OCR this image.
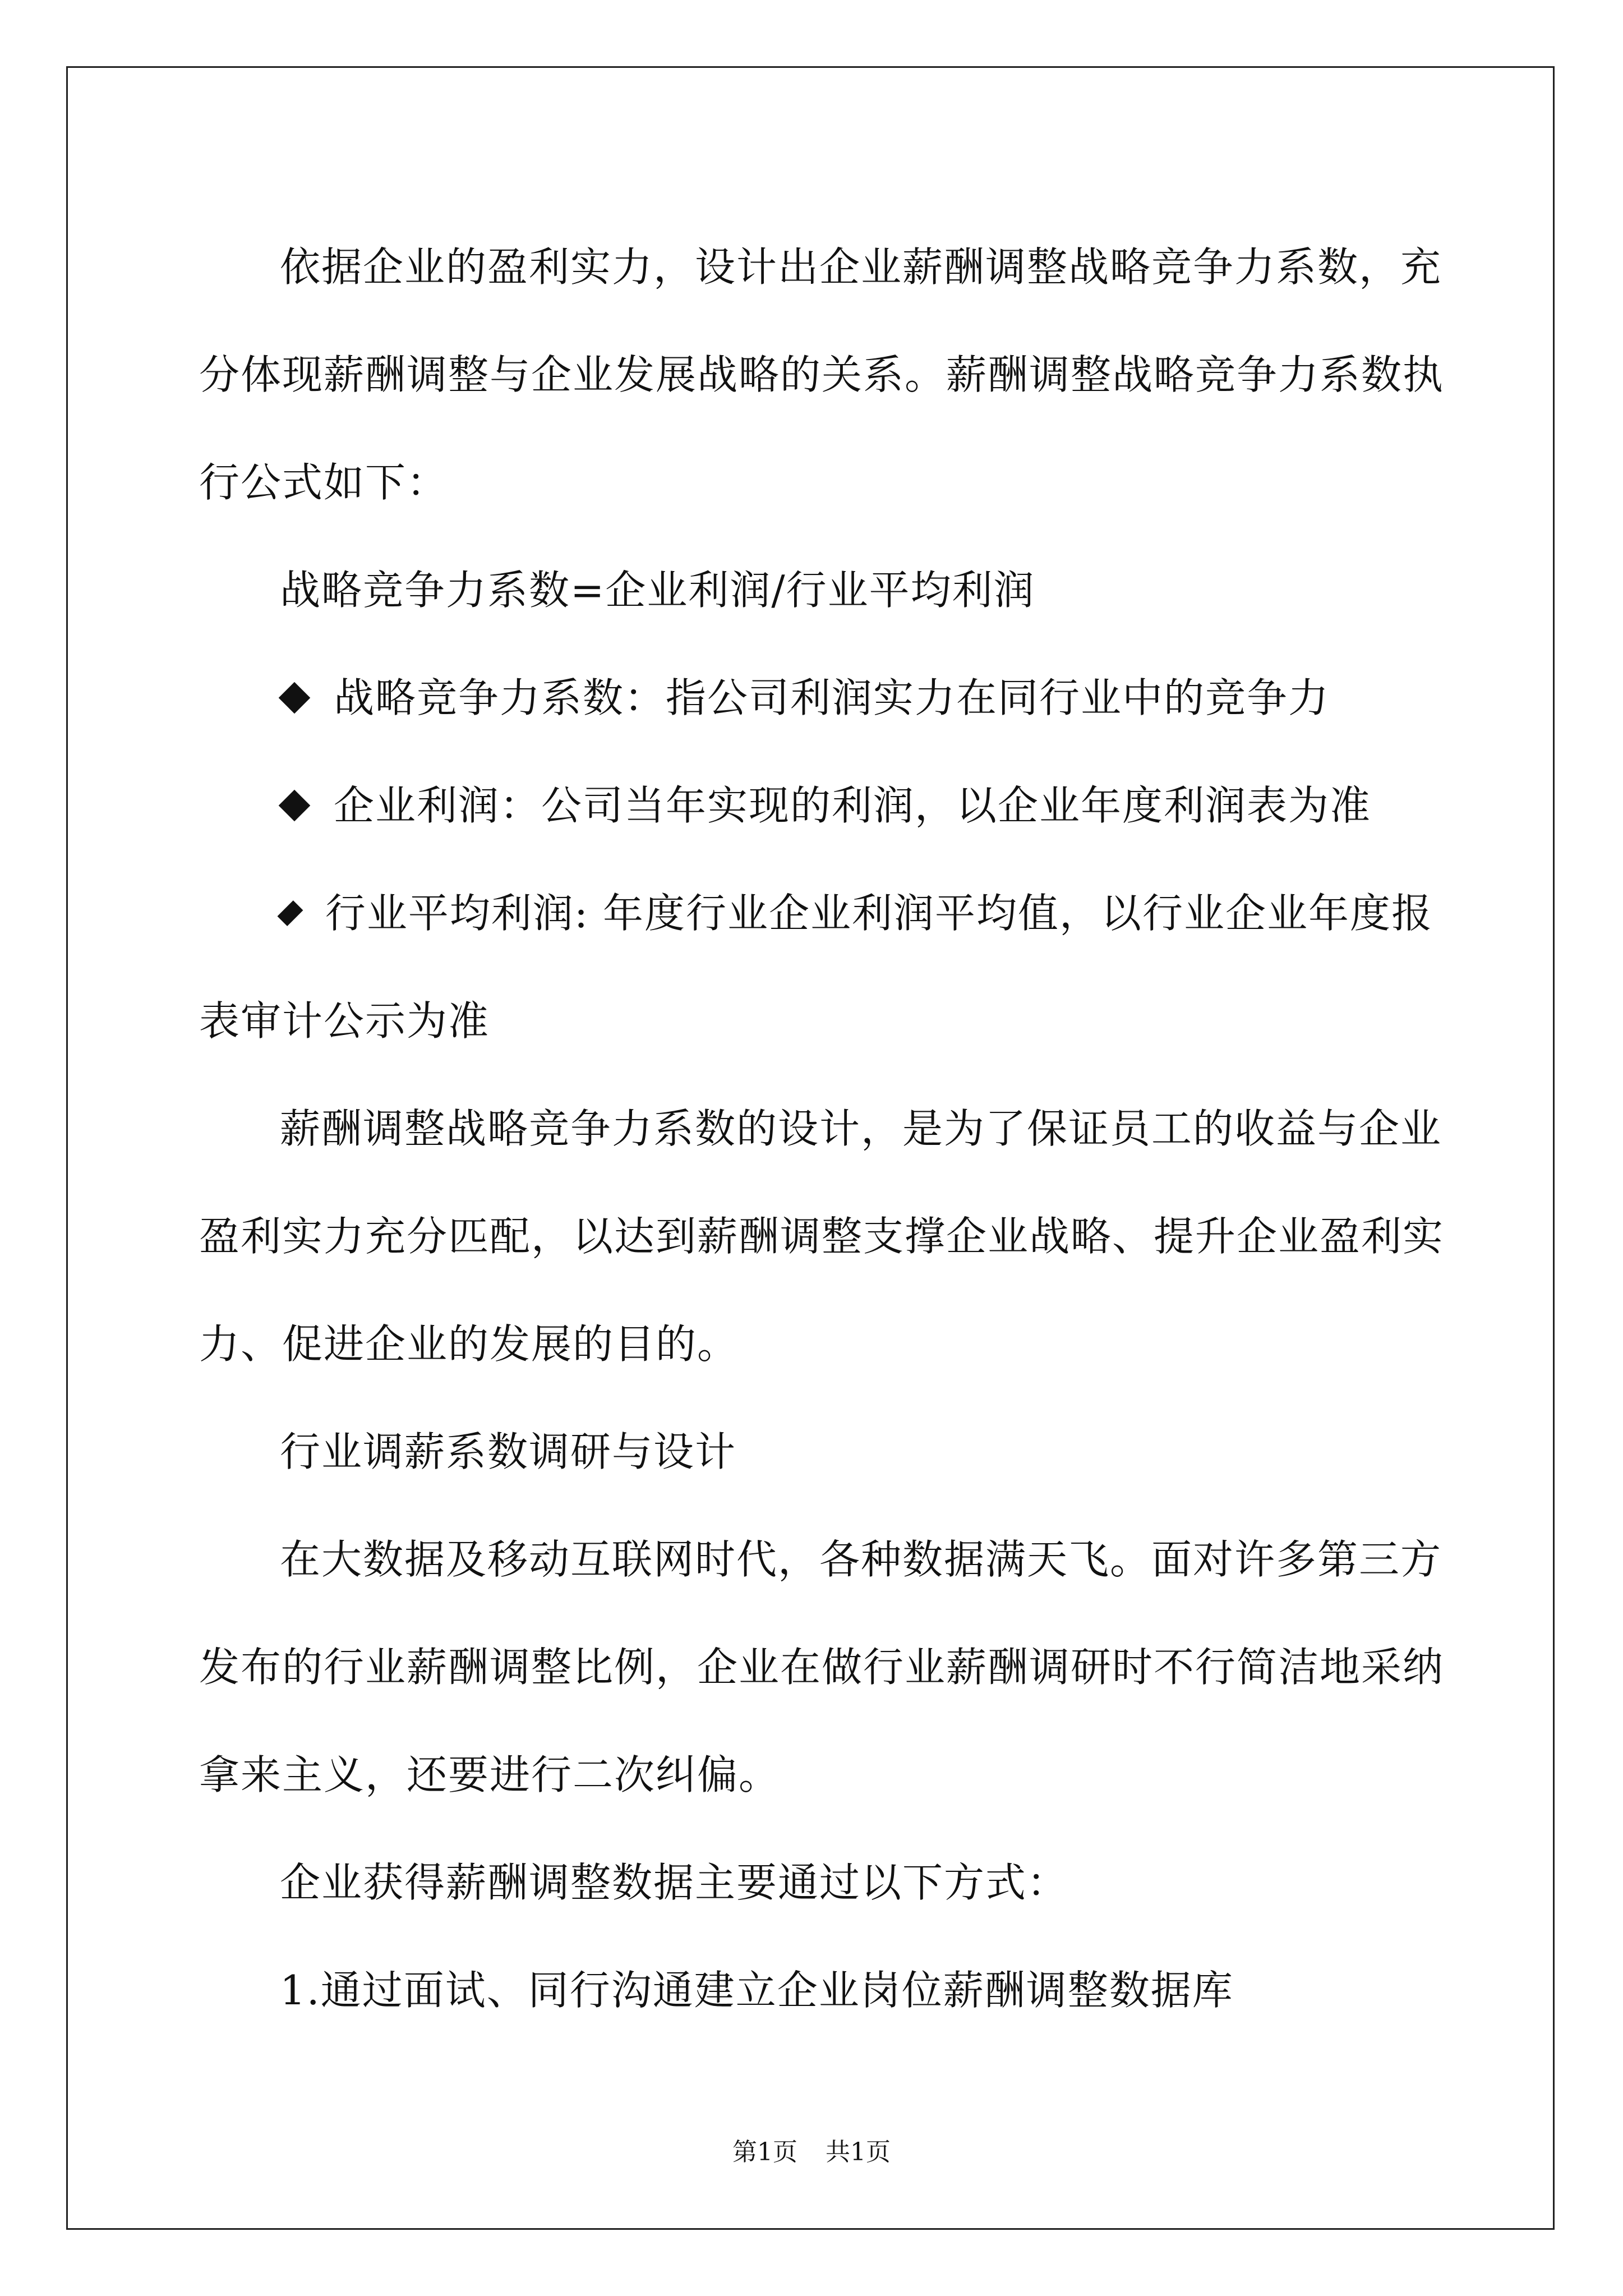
依据企业的盈利实力，设计出企业薪酬调整战略竞争力系数，充

分体现薪酬调整与企业发展战略的关系。薪酬调整战略竞争力系数执

行公式如下：

战略竞争力系数=企业利润/行业平均利润

战略竞争力系数：指公司利润实力在同行业中的竞争力
企业利润：公司当年实现的利润，以企业年度利润表为准
行业平均利润: 年度行业企业利润平均值，以行业企业年度报

表审计公示为准

薪酬调整战略竞争力系数的设计，是为了保证员工的收益与企业

盈利实力充分匹配，以达到薪酬调整支撑企业战略、提升企业盈利实

力、促进企业的发展的目的。

行业调薪系数调研与设计

在大数据及移动互联网时代，各种数据满天飞。面对许多第三方

发布的行业薪酬调整比例，企业在做行业薪酬调研时不行简洁地采纳

拿来主义，还要进行二次纠偏。

企业获得薪酬调整数据主要通过以下方式：

1.通过面试、同行沟通建立企业岗位薪酬调整数据库

第1页 共1页
